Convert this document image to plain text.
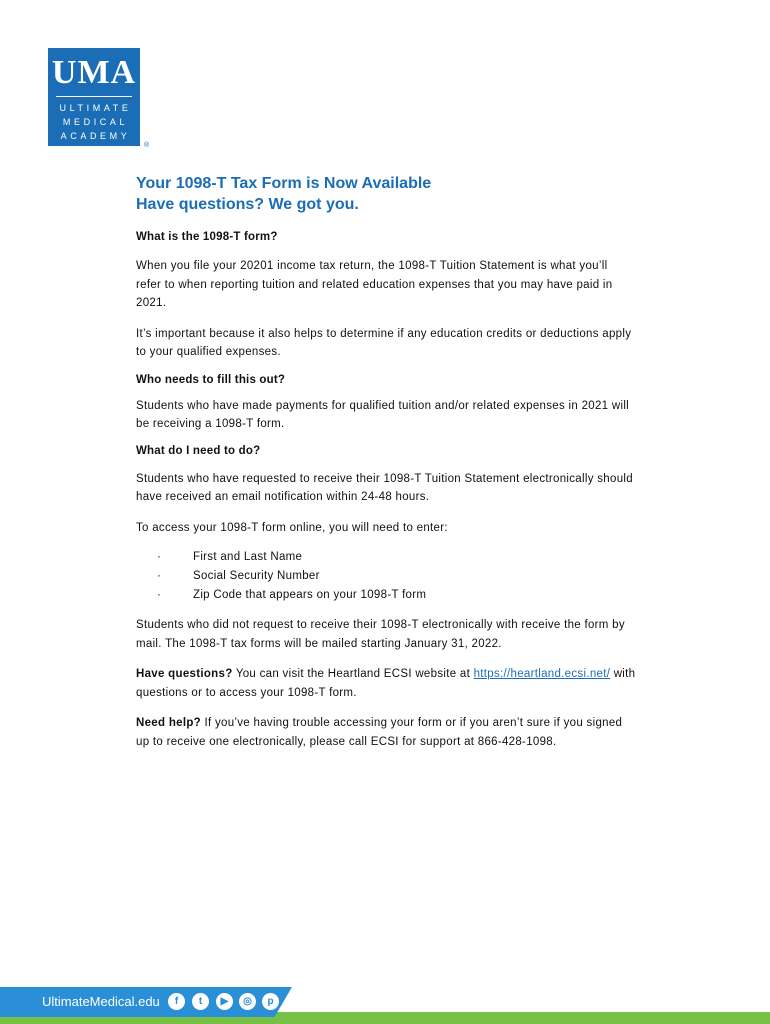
UMA
ULTIMATE
MEDICAL
ACADEMY
®
Your 1098-T Tax Form is Now Available
Have questions? We got you.
What is the 1098-T form?

When you file your 20201 income tax return, the 1098-T Tuition Statement is what you’ll refer to when reporting tuition and related education expenses that you may have paid in 2021.

It’s important because it also helps to determine if any education credits or deductions apply to your qualified expenses.

Who needs to fill this out?

Students who have made payments for qualified tuition and/or related expenses in 2021 will be receiving a 1098-T form.

What do I need to do?

Students who have requested to receive their 1098-T Tuition Statement electronically should have received an email notification within 24-48 hours.

To access your 1098-T form online, you will need to enter:

·	First and Last Name
·	Social Security Number
·	Zip Code that appears on your 1098-T form

Students who did not request to receive their 1098-T electronically with receive the form by mail. The 1098-T tax forms will be mailed starting January 31, 2022.

Have questions? You can visit the Heartland ECSI website at https://heartland.ecsi.net/ with questions or to access your 1098-T form.

Need help? If you’ve having trouble accessing your form or if you aren’t sure if you signed up to receive one electronically, please call ECSI for support at 866-428-1098.

UltimateMedical.edu	f	t	▶	◎	p
